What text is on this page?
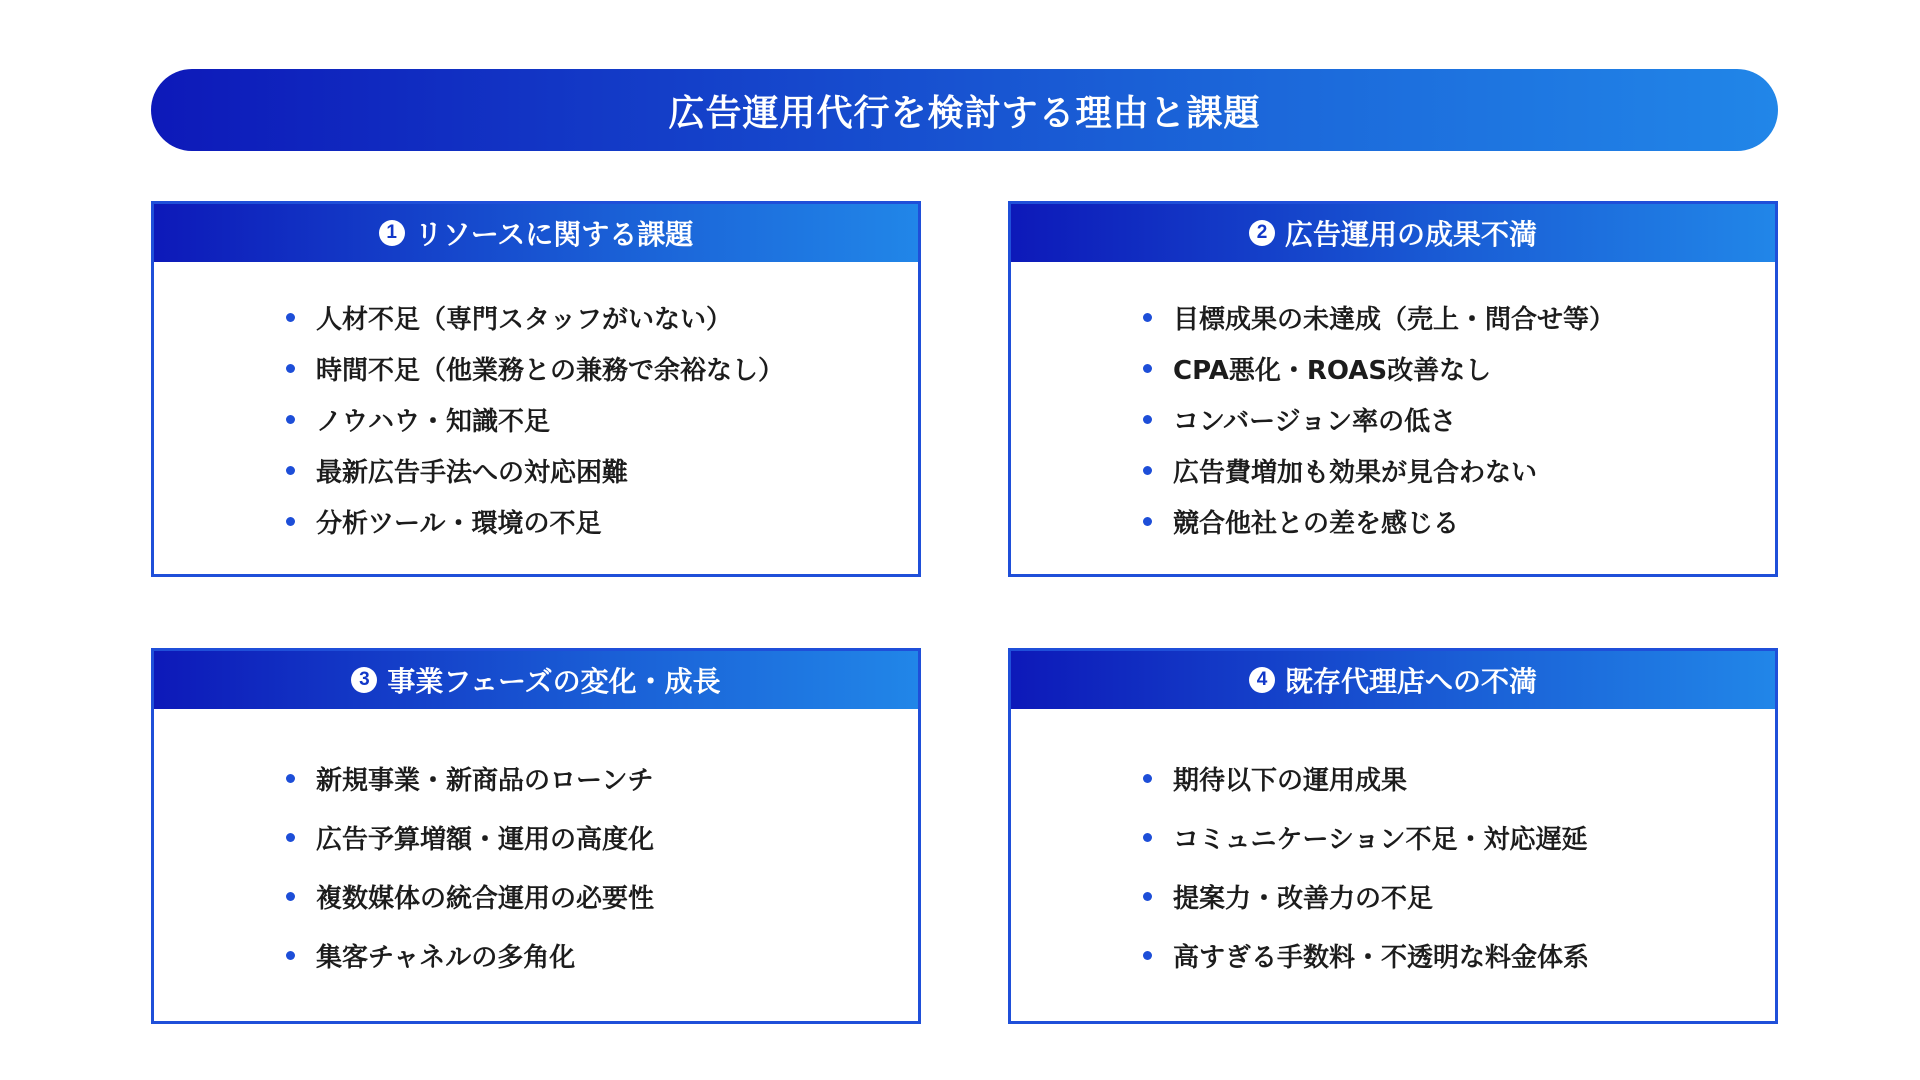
広告運用代行を検討する理由と課題
1 リソースに関する課題
人材不足（専門スタッフがいない）
時間不足（他業務との兼務で余裕なし）
ノウハウ・知識不足
最新広告手法への対応困難
分析ツール・環境の不足
2 広告運用の成果不満
目標成果の未達成（売上・問合せ等）
CPA悪化・ROAS改善なし
コンバージョン率の低さ
広告費増加も効果が見合わない
競合他社との差を感じる
3 事業フェーズの変化・成長
新規事業・新商品のローンチ
広告予算増額・運用の高度化
複数媒体の統合運用の必要性
集客チャネルの多角化
4 既存代理店への不満
期待以下の運用成果
コミュニケーション不足・対応遅延
提案力・改善力の不足
高すぎる手数料・不透明な料金体系
